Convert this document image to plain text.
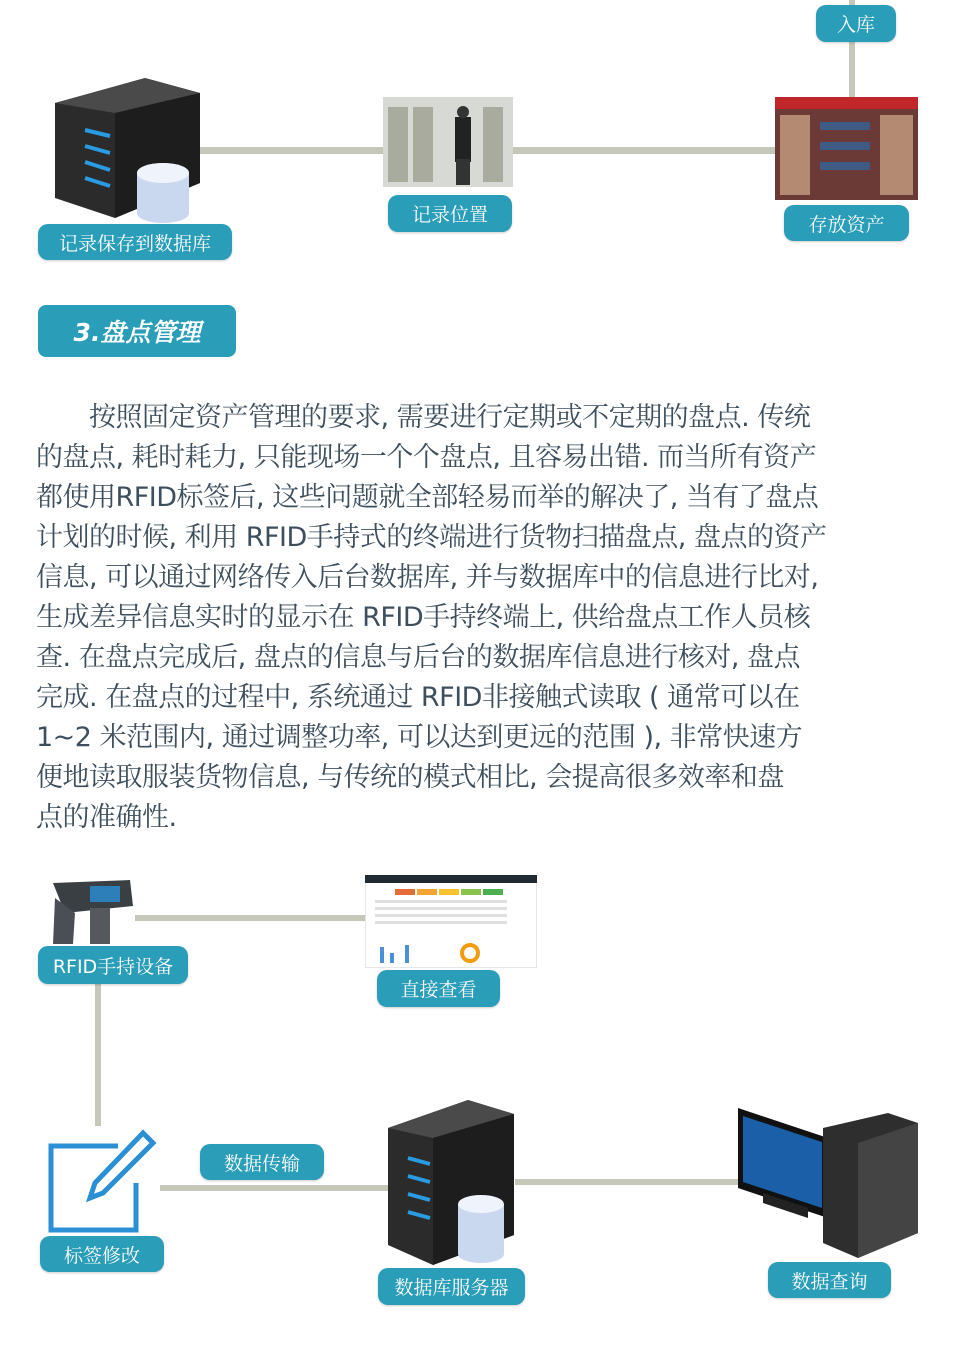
入库
记录保存到数据库
记录位置	存放资产
3.盘点管理
　　按照固定资产管理的要求, 需要进行定期或不定期的盘点. 传统
的盘点, 耗时耗力, 只能现场一个个盘点, 且容易出错. 而当所有资产
都使用RFID标签后, 这些问题就全部轻易而举的解决了, 当有了盘点
计划的时候, 利用 RFID手持式的终端进行货物扫描盘点, 盘点的资产
信息, 可以通过网络传入后台数据库, 并与数据库中的信息进行比对,
生成差异信息实时的显示在 RFID手持终端上, 供给盘点工作人员核
查. 在盘点完成后, 盘点的信息与后台的数据库信息进行核对, 盘点
完成. 在盘点的过程中, 系统通过 RFID非接触式读取 ( 通常可以在
1~2 米范围内, 通过调整功率, 可以达到更远的范围 ), 非常快速方
便地读取服装货物信息, 与传统的模式相比, 会提高很多效率和盘
点的准确性.
RFID手持设备
直接查看
标签修改
数据传输
数据库服务器	数据查询
